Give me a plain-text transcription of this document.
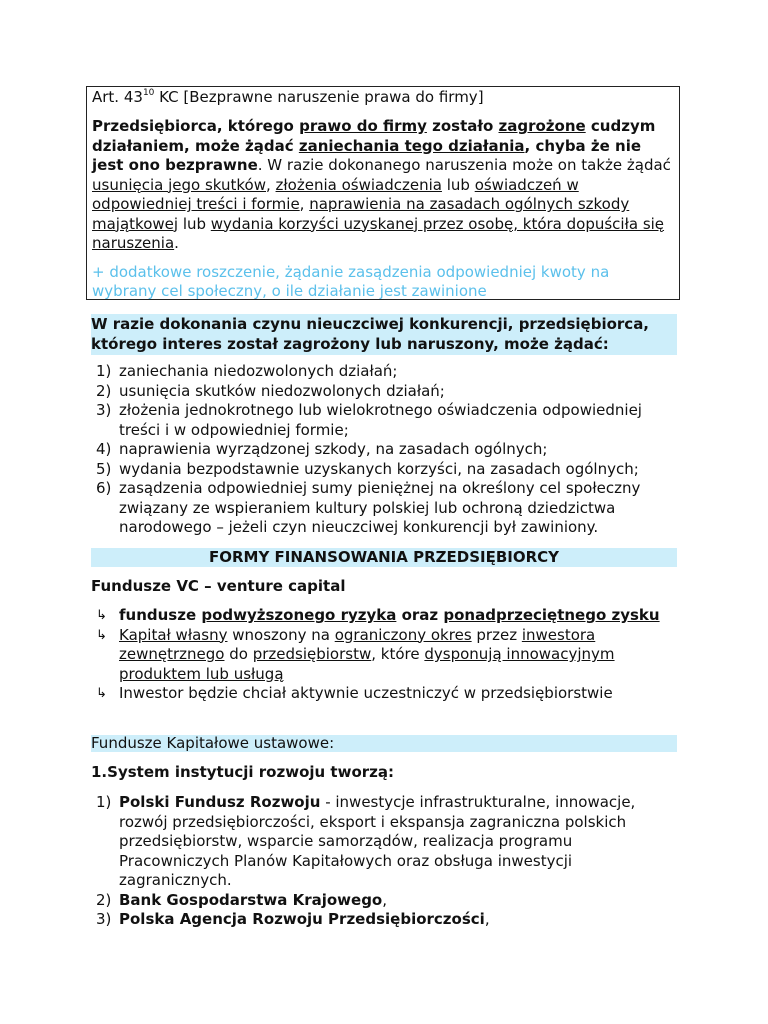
Art. $43^{10}$ KC [Bezprawne naruszenie prawa do firmy]
Przedsiębiorca, którego prawo do firmy zostało zagrożone cudzym działaniem, może żądać zaniechania tego działania, chyba że nie jest ono bezprawne. W razie dokonanego naruszenia może on także żądać usunięcia jego skutków, złożenia oświadczenia lub oświadczeń w odpowiedniej treści i formie, naprawienia na zasadach ogólnych szkody majątkowej lub wydania korzyści uzyskanej przez osobę, która dopuściła się naruszenia.
+ dodatkowe roszczenie, żądanie zasądzenia odpowiedniej kwoty na wybrany cel społeczny, o ile działanie jest zawinione
W razie dokonania czynu nieuczciwej konkurencji, przedsiębiorca, którego interes został zagrożony lub naruszony, może żądać:
1) zaniechania niedozwolonych działań;
2) usunięcia skutków niedozwolonych działań;
3) złożenia jednokrotnego lub wielokrotnego oświadczenia odpowiedniej treści i w odpowiedniej formie;
4) naprawienia wyrządzonej szkody, na zasadach ogólnych;
5) wydania bezpodstawnie uzyskanych korzyści, na zasadach ogólnych;
6) zasądzenia odpowiedniej sumy pieniężnej na określony cel społeczny związany ze wspieraniem kultury polskiej lub ochroną dziedzictwa narodowego – jeżeli czyn nieuczciwej konkurencji był zawiniony.
FORMY FINANSOWANIA PRZEDSIĘBIORCY
Fundusze VC – venture capital
↳ fundusze podwyższonego ryzyka oraz ponadprzeciętnego zysku
↳ Kapitał własny wnoszony na ograniczony okres przez inwestora zewnętrznego do przedsiębiorstw, które dysponują innowacyjnym produktem lub usługą
↳ Inwestor będzie chciał aktywnie uczestniczyć w przedsiębiorstwie
Fundusze Kapitałowe ustawowe:
1.System instytucji rozwoju tworzą:
1) Polski Fundusz Rozwoju - inwestycje infrastrukturalne, innowacje, rozwój przedsiębiorczości, eksport i ekspansja zagraniczna polskich przedsiębiorstw, wsparcie samorządów, realizacja programu Pracowniczych Planów Kapitałowych oraz obsługa inwestycji zagranicznych.
2) Bank Gospodarstwa Krajowego,
3) Polska Agencja Rozwoju Przedsiębiorczości,
